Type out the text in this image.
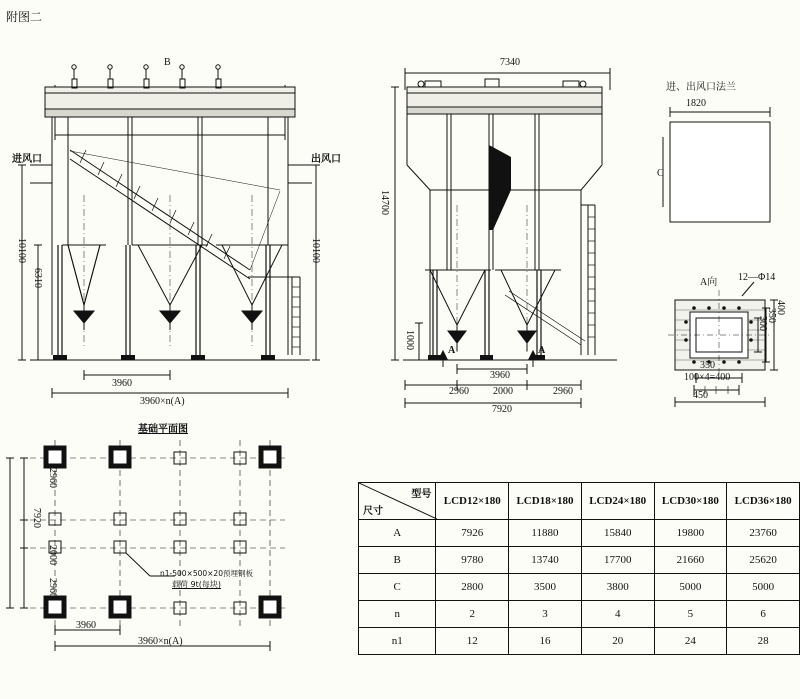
附图二
B
进风口	出风口
10100
6310
10100
3960
3960×n(A)
7340
14700
1000
A	A
2960
3960
2000	2960
7920
进、出风口法兰
1820
C
A向 12—Φ14
400
350
300
350
100×4=400
450
基础平面图
2960
2000
2960
7920
3960
3960×n(A)
n1-500×500×20预埋钢板
载荷 9t(每块)
尺寸
型号	LCD12×180	LCD18×180	LCD24×180	LCD30×180	LCD36×180
A	7926	11880	15840	19800	23760
B	9780	13740	17700	21660	25620
C	2800	3500	3800	5000	5000
n	2	3	4	5	6
n1	12	16	20	24	28
